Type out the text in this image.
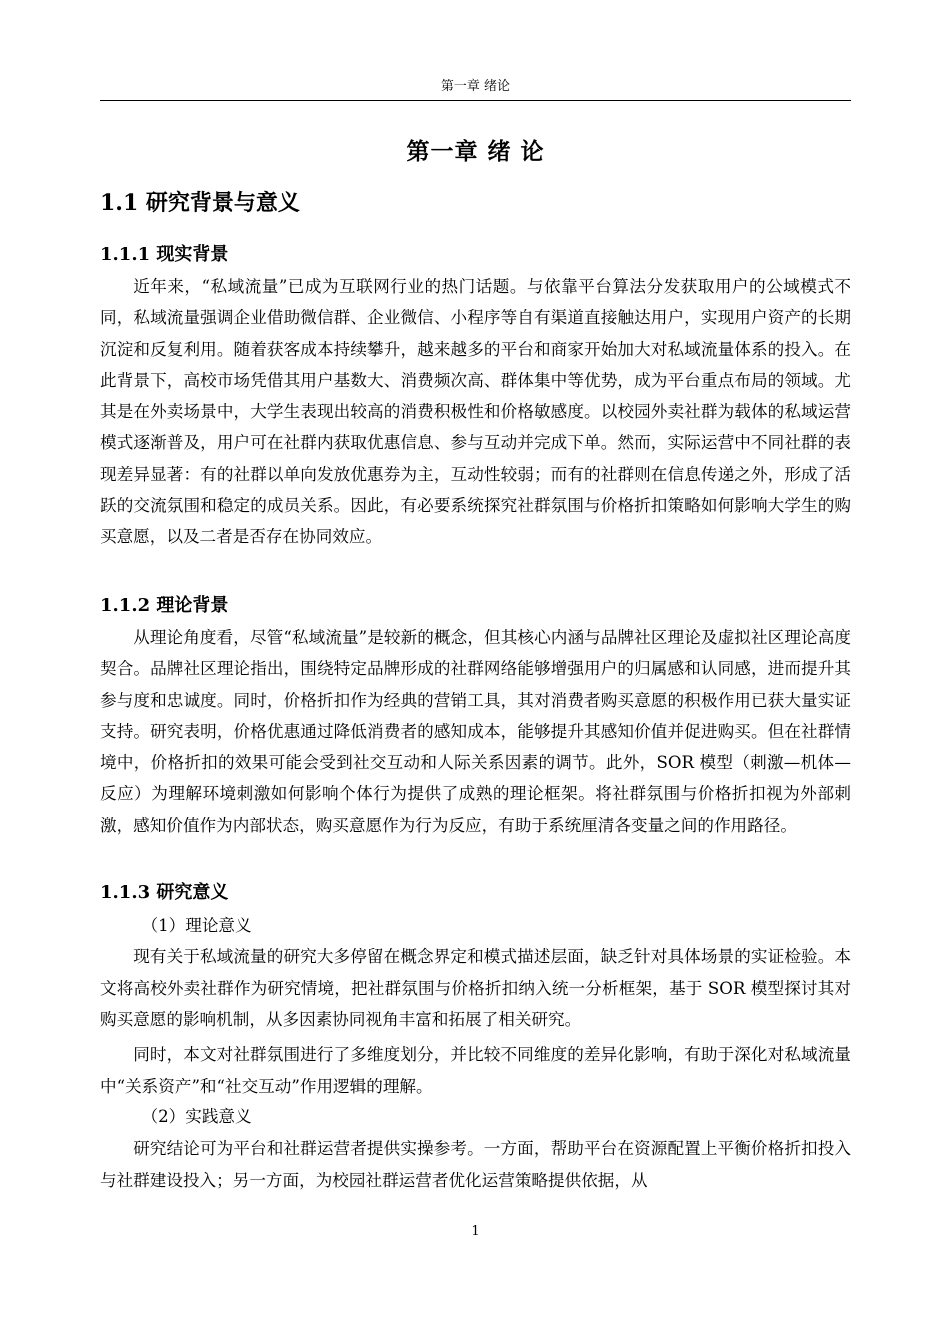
第一章 绪论
第一章 绪 论
1.1 研究背景与意义
1.1.1 现实背景

近年来，“私域流量”已成为互联网行业的热门话题。与依靠平台算法分发获取用户的公域模式不同，私域流量强调企业借助微信群、企业微信、小程序等自有渠道直接触达用户，实现用户资产的长期沉淀和反复利用。随着获客成本持续攀升，越来越多的平台和商家开始加大对私域流量体系的投入。在此背景下，高校市场凭借其用户基数大、消费频次高、群体集中等优势，成为平台重点布局的领域。尤其是在外卖场景中，大学生表现出较高的消费积极性和价格敏感度。以校园外卖社群为载体的私域运营模式逐渐普及，用户可在社群内获取优惠信息、参与互动并完成下单。然而，实际运营中不同社群的表现差异显著：有的社群以单向发放优惠券为主，互动性较弱；而有的社群则在信息传递之外，形成了活跃的交流氛围和稳定的成员关系。因此，有必要系统探究社群氛围与价格折扣策略如何影响大学生的购买意愿，以及二者是否存在协同效应。

1.1.2 理论背景

从理论角度看，尽管“私域流量”是较新的概念，但其核心内涵与品牌社区理论及虚拟社区理论高度契合。品牌社区理论指出，围绕特定品牌形成的社群网络能够增强用户的归属感和认同感，进而提升其参与度和忠诚度。同时，价格折扣作为经典的营销工具，其对消费者购买意愿的积极作用已获大量实证支持。研究表明，价格优惠通过降低消费者的感知成本，能够提升其感知价值并促进购买。但在社群情境中，价格折扣的效果可能会受到社交互动和人际关系因素的调节。此外，SOR 模型（刺激—机体—反应）为理解环境刺激如何影响个体行为提供了成熟的理论框架。将社群氛围与价格折扣视为外部刺激，感知价值作为内部状态，购买意愿作为行为反应，有助于系统厘清各变量之间的作用路径。

1.1.3 研究意义
（1）理论意义

现有关于私域流量的研究大多停留在概念界定和模式描述层面，缺乏针对具体场景的实证检验。本文将高校外卖社群作为研究情境，把社群氛围与价格折扣纳入统一分析框架，基于 SOR 模型探讨其对购买意愿的影响机制，从多因素协同视角丰富和拓展了相关研究。

同时，本文对社群氛围进行了多维度划分，并比较不同维度的差异化影响，有助于深化对私域流量中“关系资产”和“社交互动”作用逻辑的理解。

（2）实践意义

研究结论可为平台和社群运营者提供实操参考。一方面，帮助平台在资源配置上平衡价格折扣投入与社群建设投入；另一方面，为校园社群运营者优化运营策略提供依据，从

1
